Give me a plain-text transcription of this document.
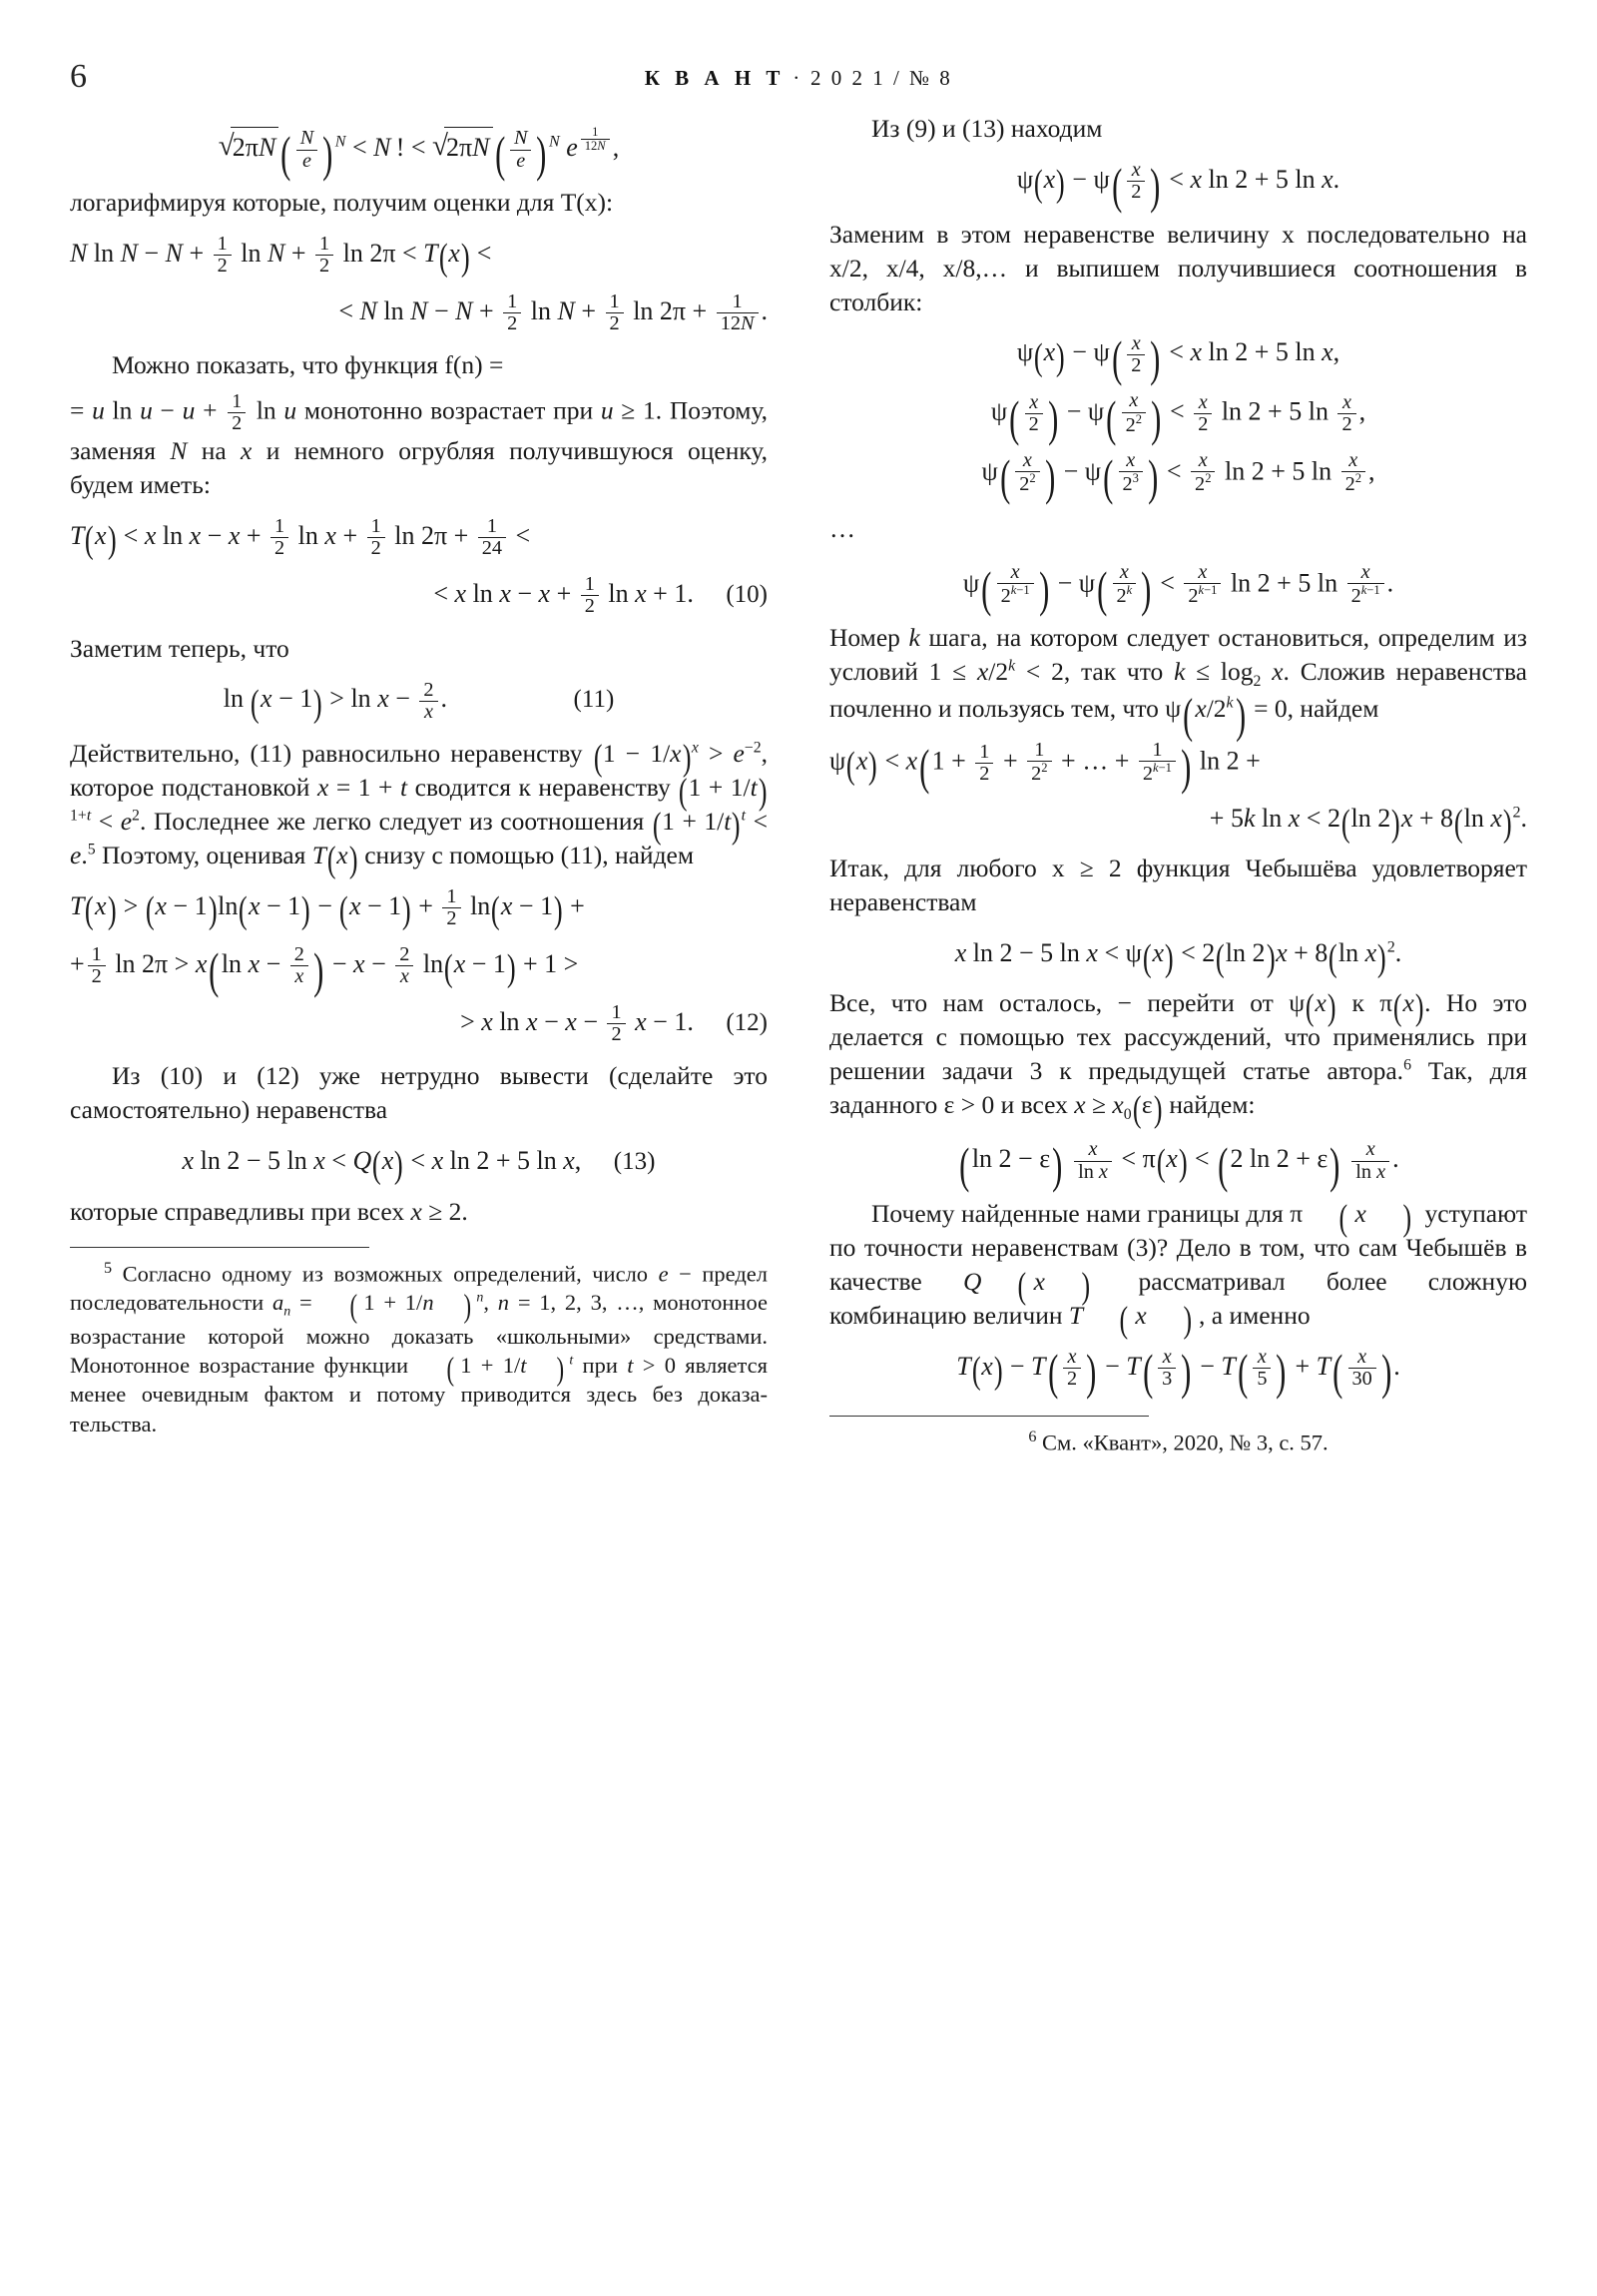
6	К В А Н Т · 2 0 2 1 / № 8
√ 2πN ( $\frac{N}{e}$ ) $^N$ < N ! < √ 2πN ( $\frac{N}{e}$ ) $^N$ e $^{\frac{1}{12N}}$ ,

логарифмируя которые, получим оценки для T(x):

N $\ln N - N + \frac{1}{2}$ $\ln N + \frac{1}{2}$ ln 2π < T(x) <
< N $\ln N - N + \frac{1}{2}$ $\ln N + \frac{1}{2}$ $\ln 2\pi + \frac{1}{12N}$ .

Можно показать, что функция f(n) =

= u $\ln u - u + \frac{1}{2}$ ln u монотонно возрастает при u ≥ 1. Поэтому, заменяя N на x и немного огрубляя получившуюся оценку, будем иметь:

T(x) < x $\ln x - x + \frac{1}{2}$ $\ln x + \frac{1}{2}$ $\ln 2\pi + \frac{1}{24}$ <
< x $\ln x - x + \frac{1}{2}$ ln x + 1. (10)

Заметим теперь, что

$\ln (x - 1) > \ln x - \frac{2}{x}$ .	(11)

Действительно, (11) равносильно неравенству $(1 - 1/x)^x > e^{-2}$, которое подстановкой x = 1 + t сводится к неравенству $(1 + 1/t)^{1+t} < e^2$. Последнее же легко следует из соотношения $(1 + 1/t)^t < e.^5$ Поэтому, оценивая T(x) снизу с помощью (11), найдем

$T(x) > (x - 1)\ln(x - 1) - (x - 1) + \frac{1}{2} \ln(x - 1)$ +
+ $\frac{1}{2}$ ln 2π > x(ln $x - \frac{2}{x}$ ) − $x - \frac{2}{x} \ln(x - 1) + 1$ >
> x $\ln x - x - \frac{1}{2}$ x − 1. (12)

Из (10) и (12) уже нетрудно вывести (сделайте это самостоятельно) неравенства

x ln 2 − 5 ln x < Q(x) < x ln 2 + 5 ln x, (13)

которые справедливы при всех x ≥ 2.

$^5$ Согласно одному из возможных определений, число e − предел последовательности $a_n$ = ( 1 + 1/n ) $^n$, n = 1, 2, 3, …, монотонное возрастание которой можно доказать «школьными» средствами. Монотонное возрастание функции ( 1 + 1/t ) $^t$ при t > 0 является менее очевидным фактом и потому приводится здесь без доказательства.

Из (9) и (13) находим

$\psi(x) - \psi( \frac{x}{2}$ ) < x ln 2 + 5 ln x.

Заменим в этом неравенстве величину x последовательно на x/2, x/4, x/8,… и выпишем получившиеся соотношения в столбик:

$\psi(x) - \psi( \frac{x}{2}$ ) < x ln 2 + 5 ln x,
$\psi( \frac{x}{2}$ ) − $\psi( \frac{x}{2^2}$ ) < $\frac{x}{2}$ ln 2 + 5 $\ln \frac{x}{2}$ ,
$\psi( \frac{x}{2^2}$ ) − $\psi( \frac{x}{2^3}$ ) < $\frac{x}{2^2}$ ln 2 + 5 $\ln \frac{x}{2^2}$ ,
…
$\psi( \frac{x}{2^{k-1}}$ ) − $\psi( \frac{x}{2^k}$ ) < $\frac{x}{2^{k-1}}$ ln 2 + 5 $\ln \frac{x}{2^{k-1}}$ .

Номер k шага, на котором следует остановиться, определим из условий $1 \le x/2^k < 2$, так что $k \le \log_2 x$. Сложив неравенства почленно и пользуясь тем, что $\psi(x/2^k) = 0$, найдем

$\psi(x) < x(1 + \frac{1}{2} + \frac{1}{2^2}$ + … + $\frac{1}{2^{k-1}}$ ) ln 2 +
+ 5k ln x < 2(ln 2)x + 8(ln x)$^2$.

Итак, для любого x ≥ 2 функция Чебышёва удовлетворяет неравенствам

x ln 2 − 5 ln x < ψ(x) < 2(ln 2)x + 8(ln x)$^2$.

Все, что нам осталось, − перейти от ψ(x) к π(x). Но это делается с помощью тех рассуждений, что применялись при решении задачи 3 к предыдущей статье автора.$^6$ Так, для заданного ε > 0 и всех $x \ge x_0(\varepsilon)$ найдем:

(ln $2 - \varepsilon) \frac{x}{\text{ln x}} < \pi(x) < (2$ $\ln 2 + \varepsilon) \frac{x}{\text{ln x}}$ .

Почему найденные нами границы для π ( x ) уступают по точности неравенствам (3)? Дело в том, что сам Чебышёв в качестве Q ( x ) рассматривал более сложную комбинацию величин T ( x ) , а именно

$T(x) - T( \frac{x}{2}$ ) − $T( \frac{x}{3}$ ) − $T( \frac{x}{5}$ ) + $T( \frac{x}{30}$ ).

$^6$ См. «Квант», 2020, № 3, с. 57.
